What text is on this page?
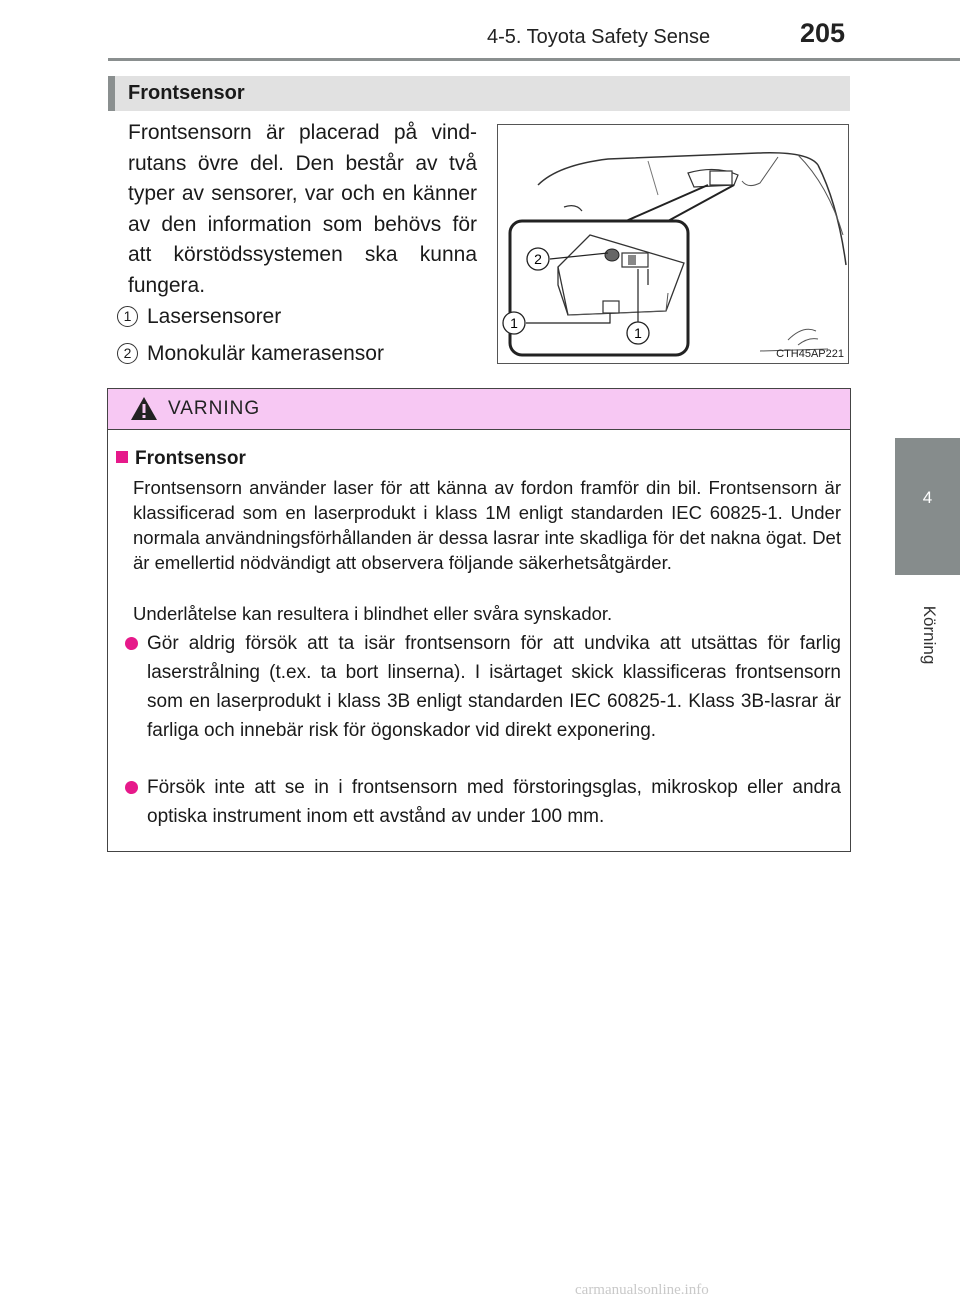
4-5. Toyota Safety Sense	205
4
Körning
Frontsensor
Frontsensorn är placerad på vindrutans övre del. Den består av två typer av sensorer, var och en känner av den information som behövs för att körstödssystemen ska kunna fungera.
1 Lasersensorer
2 Monokulär kamerasensor
2
1
1
CTH45AP221
VARNING
Frontsensor
Frontsensorn använder laser för att känna av fordon framför din bil. Frontsensorn är klassificerad som en laserprodukt i klass 1M enligt standarden IEC 60825-1. Under normala användningsförhållanden är dessa lasrar inte skadliga för det nakna ögat. Det är emellertid nödvändigt att observera följande säkerhetsåtgärder.
Underlåtelse kan resultera i blindhet eller svåra synskador.
Gör aldrig försök att ta isär frontsensorn för att undvika att utsättas för farlig laserstrålning (t.ex. ta bort linserna). I isärtaget skick klassificeras frontsensorn som en laserprodukt i klass 3B enligt standarden IEC 60825-1. Klass 3B-lasrar är farliga och innebär risk för ögonskador vid direkt exponering.
Försök inte att se in i frontsensorn med förstoringsglas, mikroskop eller andra optiska instrument inom ett avstånd av under 100 mm.
carmanualsonline.info
